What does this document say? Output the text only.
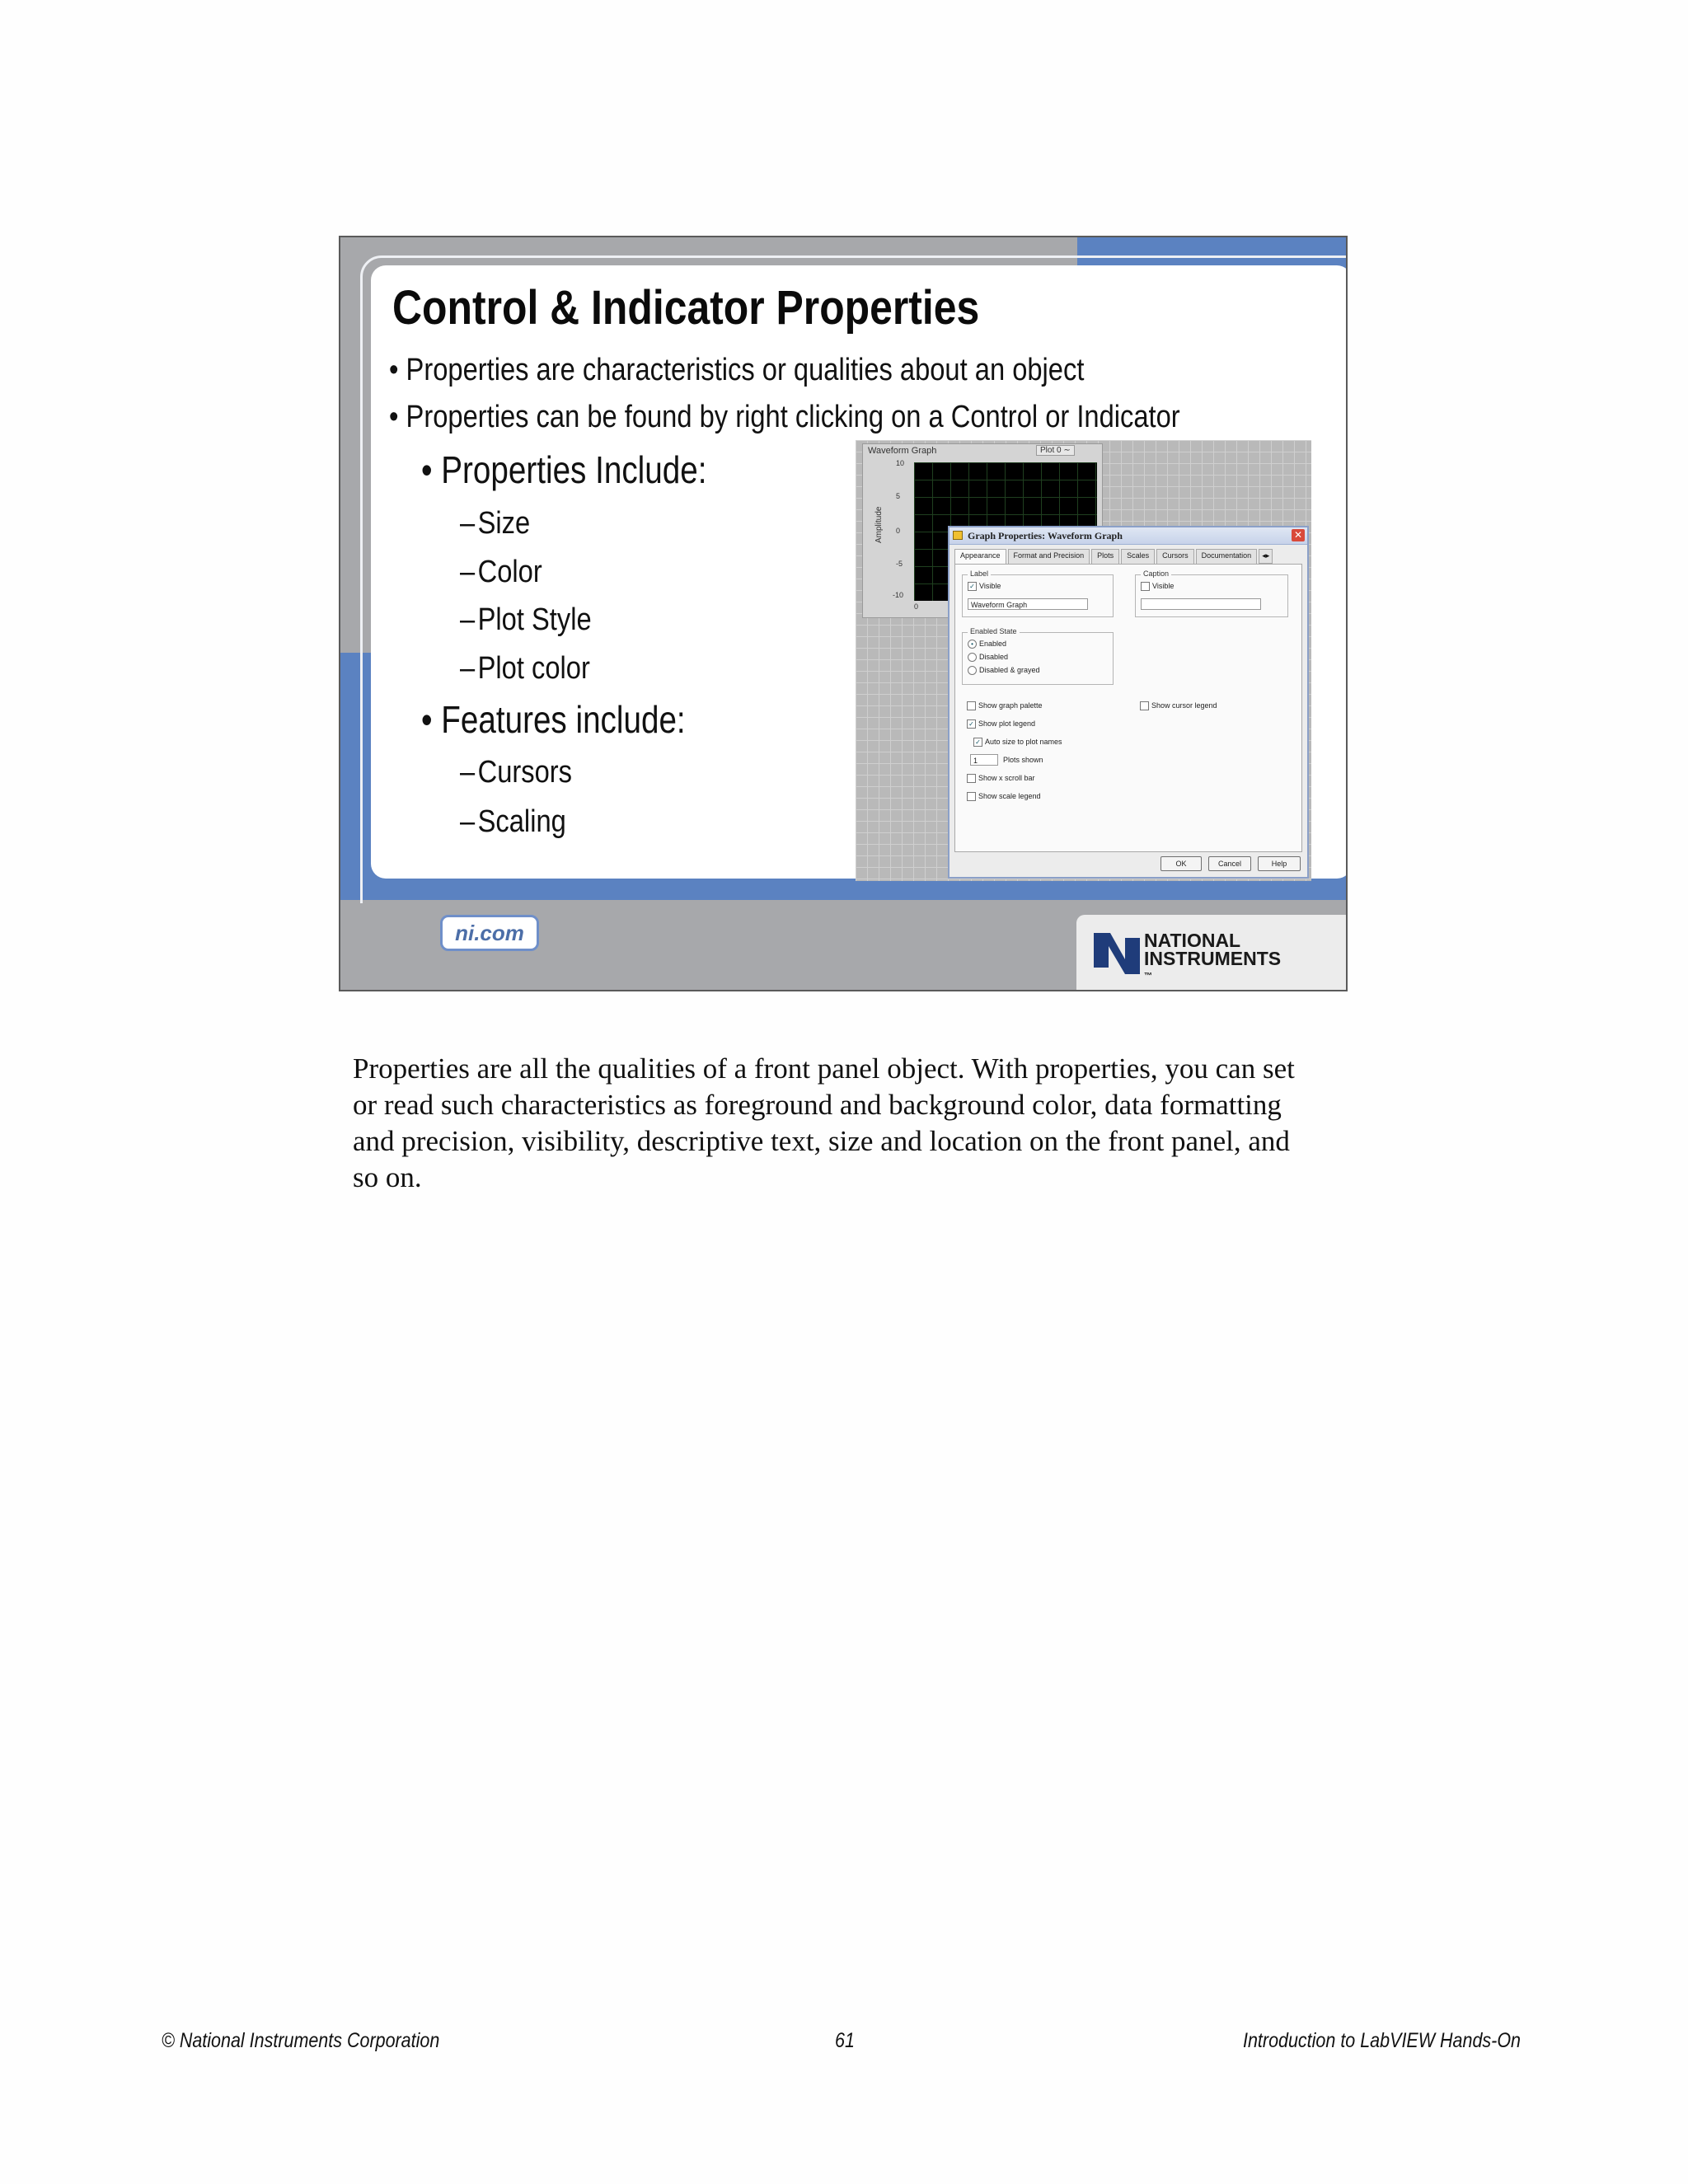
Control & Indicator Properties
• Properties are characteristics or qualities about an object
• Properties can be found by right clicking on a Control or Indicator
• Properties Include:
–Size
–Color
–Plot Style
–Plot color
• Features include:
–Cursors
–Scaling
Waveform Graph	Plot 0 ∼
Amplitude
10
5
0
-5
-10
0
Graph Properties: Waveform Graph	✕
Appearance	Format and Precision	Plots	Scales	Cursors	Documentation	◂▸
Label
✓ Visible
Waveform Graph
Caption
Visible
Enabled State
• Enabled
Disabled
Disabled & grayed
Show graph palette	Show cursor legend
✓ Show plot legend
✓ Auto size to plot names
1	Plots shown
Show x scroll bar
Show scale legend
OK	Cancel	Help
ni.com	NATIONAL
INSTRUMENTS
™

Properties are all the qualities of a front panel object. With properties, you can set or read such characteristics as foreground and background color, data formatting and precision, visibility, descriptive text, size and location on the front panel, and so on.

© National Instruments Corporation	61	Introduction to LabVIEW Hands-On
